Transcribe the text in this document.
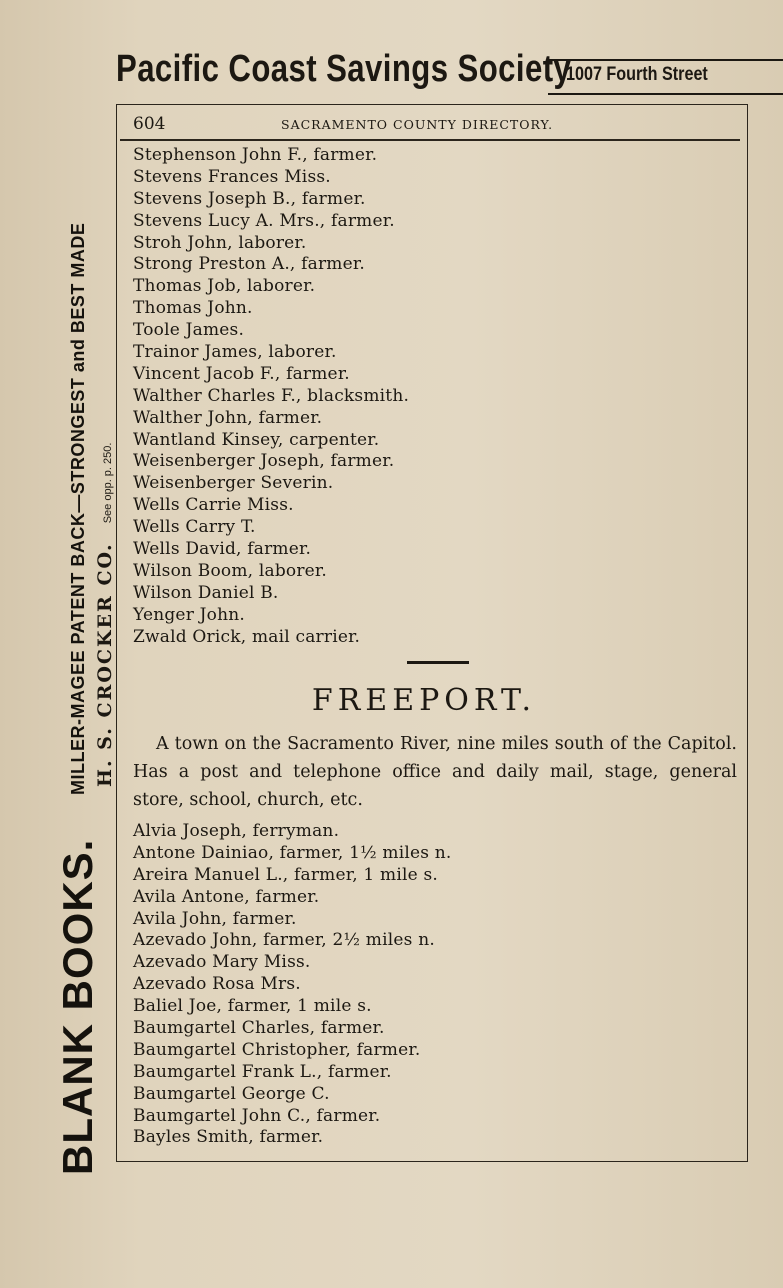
BLANK BOOKS.
MILLER-MAGEE PATENT BACK—STRONGEST and BEST MADE H. S. CROCKER CO. See opp. p. 250.
Pacific Coast Savings Society
1007 Fourth Street
604	SACRAMENTO COUNTY DIRECTORY.
Stephenson John F., farmer.
Stevens Frances Miss.
Stevens Joseph B., farmer.
Stevens Lucy A. Mrs., farmer.
Stroh John, laborer.
Strong Preston A., farmer.
Thomas Job, laborer.
Thomas John.
Toole James.
Trainor James, laborer.
Vincent Jacob F., farmer.
Walther Charles F., blacksmith.
Walther John, farmer.
Wantland Kinsey, carpenter.
Weisenberger Joseph, farmer.
Weisenberger Severin.
Wells Carrie Miss.
Wells Carry T.
Wells David, farmer.
Wilson Boom, laborer.
Wilson Daniel B.
Yenger John.
Zwald Orick, mail carrier.
FREEPORT.

A town on the Sacramento River, nine miles south of the Capitol. Has a post and telephone office and daily mail, stage, general store, school, church, etc.

Alvia Joseph, ferryman.
Antone Dainiao, farmer, 1½ miles n.
Areira Manuel L., farmer, 1 mile s.
Avila Antone, farmer.
Avila John, farmer.
Azevado John, farmer, 2½ miles n.
Azevado Mary Miss.
Azevado Rosa Mrs.
Baliel Joe, farmer, 1 mile s.
Baumgartel Charles, farmer.
Baumgartel Christopher, farmer.
Baumgartel Frank L., farmer.
Baumgartel George C.
Baumgartel John C., farmer.
Bayles Smith, farmer.
